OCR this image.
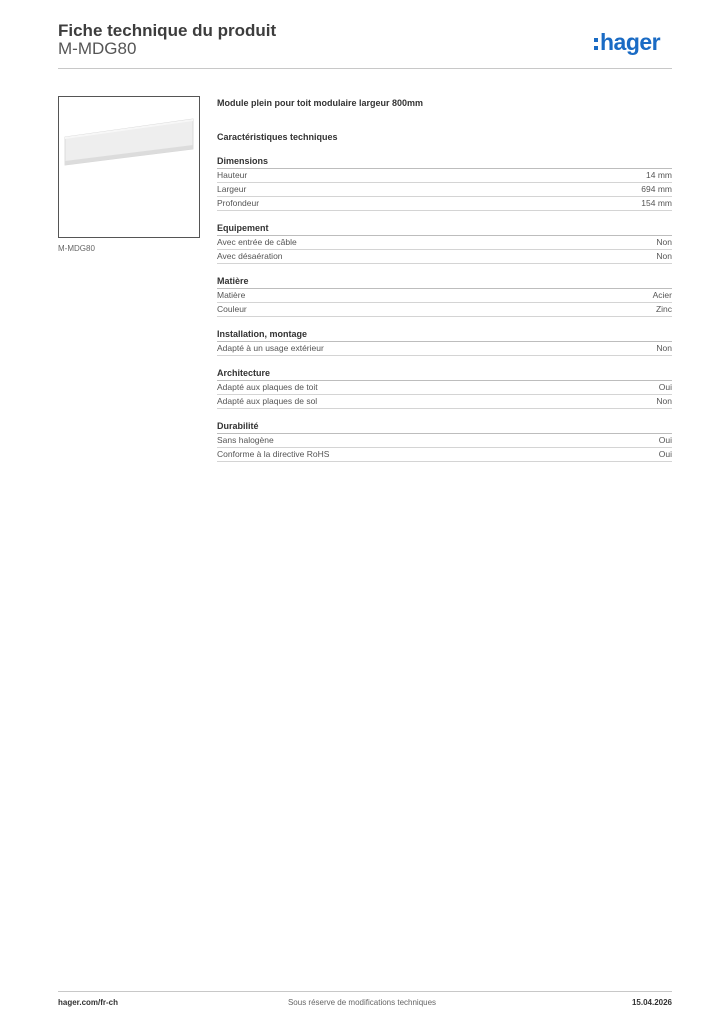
Fiche technique du produit
M-MDG80	hager
M-MDG80
Module plein pour toit modulaire largeur 800mm
Caractéristiques techniques
Dimensions
Hauteur	14 mm
Largeur	694 mm
Profondeur	154 mm
Equipement
Avec entrée de câble	Non
Avec désaération	Non
Matière
Matière	Acier
Couleur	Zinc
Installation, montage
Adapté à un usage extérieur	Non
Architecture
Adapté aux plaques de toit	Oui
Adapté aux plaques de sol	Non
Durabilité
Sans halogène	Oui
Conforme à la directive RoHS	Oui
hager.com/fr-ch	Sous réserve de modifications techniques	15.04.2026
